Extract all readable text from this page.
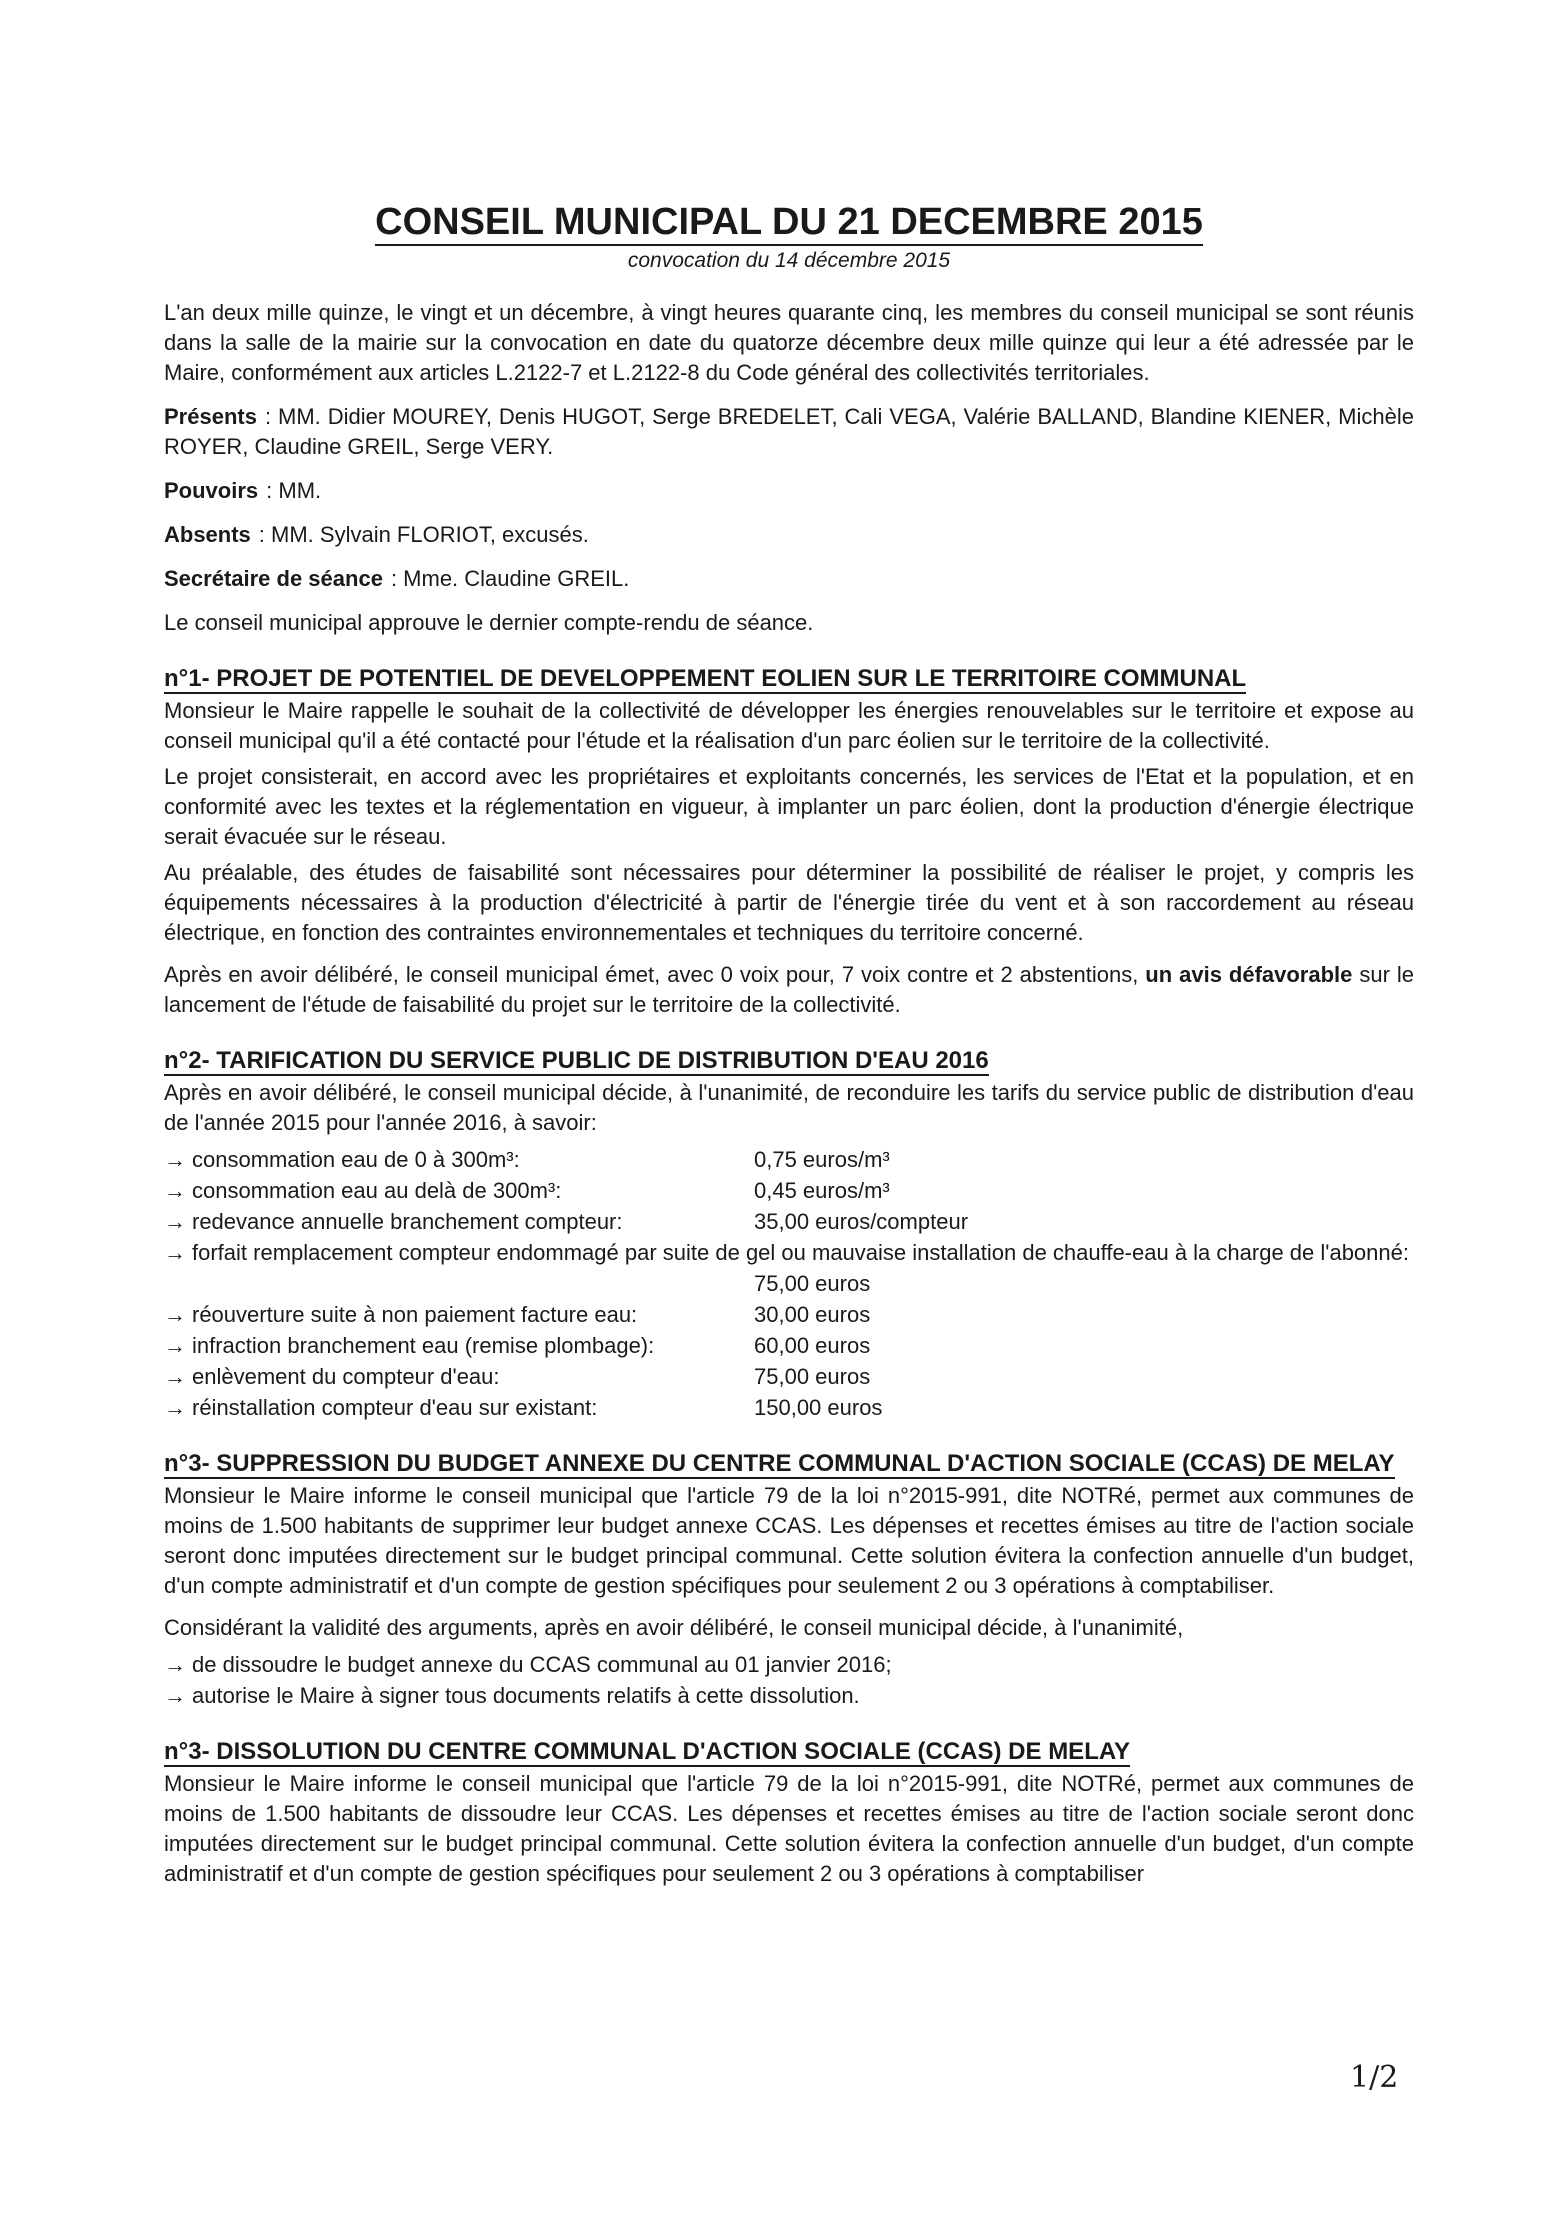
CONSEIL MUNICIPAL DU 21 DECEMBRE 2015
convocation du 14 décembre 2015

L'an deux mille quinze, le vingt et un décembre, à vingt heures quarante cinq, les membres du conseil municipal se sont réunis dans la salle de la mairie sur la convocation en date du quatorze décembre deux mille quinze qui leur a été adressée par le Maire, conformément aux articles L.2122-7 et L.2122-8 du Code général des collectivités territoriales.

Présents : MM. Didier MOUREY, Denis HUGOT, Serge BREDELET, Cali VEGA, Valérie BALLAND, Blandine KIENER, Michèle ROYER, Claudine GREIL, Serge VERY.

Pouvoirs : MM.

Absents : MM. Sylvain FLORIOT, excusés.

Secrétaire de séance : Mme. Claudine GREIL.

Le conseil municipal approuve le dernier compte-rendu de séance.

n°1- PROJET DE POTENTIEL DE DEVELOPPEMENT EOLIEN SUR LE TERRITOIRE COMMUNAL

Monsieur le Maire rappelle le souhait de la collectivité de développer les énergies renouvelables sur le territoire et expose au conseil municipal qu'il a été contacté pour l'étude et la réalisation d'un parc éolien sur le territoire de la collectivité.

Le projet consisterait, en accord avec les propriétaires et exploitants concernés, les services de l'Etat et la population, et en conformité avec les textes et la réglementation en vigueur, à implanter un parc éolien, dont la production d'énergie électrique serait évacuée sur le réseau.

Au préalable, des études de faisabilité sont nécessaires pour déterminer la possibilité de réaliser le projet, y compris les équipements nécessaires à la production d'électricité à partir de l'énergie tirée du vent et à son raccordement au réseau électrique, en fonction des contraintes environnementales et techniques du territoire concerné.

Après en avoir délibéré, le conseil municipal émet, avec 0 voix pour, 7 voix contre et 2 abstentions, un avis défavorable sur le lancement de l'étude de faisabilité du projet sur le territoire de la collectivité.

n°2- TARIFICATION DU SERVICE PUBLIC DE DISTRIBUTION D'EAU 2016

Après en avoir délibéré, le conseil municipal décide, à l'unanimité, de reconduire les tarifs du service public de distribution d'eau de l'année 2015 pour l'année 2016, à savoir:

→ consommation eau de 0 à 300m³:	0,75 euros/m³
→ consommation eau au delà de 300m³:	0,45 euros/m³
→ redevance annuelle branchement compteur:	35,00 euros/compteur
→ forfait remplacement compteur endommagé par suite de gel ou mauvaise installation de chauffe-eau à la charge de l'abonné:
75,00 euros
→ réouverture suite à non paiement facture eau:	30,00 euros
→ infraction branchement eau (remise plombage):	60,00 euros
→ enlèvement du compteur d'eau:	75,00 euros
→ réinstallation compteur d'eau sur existant:	150,00 euros
n°3- SUPPRESSION DU BUDGET ANNEXE DU CENTRE COMMUNAL D'ACTION SOCIALE (CCAS) DE MELAY

Monsieur le Maire informe le conseil municipal que l'article 79 de la loi n°2015-991, dite NOTRé, permet aux communes de moins de 1.500 habitants de supprimer leur budget annexe CCAS. Les dépenses et recettes émises au titre de l'action sociale seront donc imputées directement sur le budget principal communal. Cette solution évitera la confection annuelle d'un budget, d'un compte administratif et d'un compte de gestion spécifiques pour seulement 2 ou 3 opérations à comptabiliser.

Considérant la validité des arguments, après en avoir délibéré, le conseil municipal décide, à l'unanimité,

→ de dissoudre le budget annexe du CCAS communal au 01 janvier 2016;
→ autorise le Maire à signer tous documents relatifs à cette dissolution.
n°3- DISSOLUTION DU CENTRE COMMUNAL D'ACTION SOCIALE (CCAS) DE MELAY

Monsieur le Maire informe le conseil municipal que l'article 79 de la loi n°2015-991, dite NOTRé, permet aux communes de moins de 1.500 habitants de dissoudre leur CCAS. Les dépenses et recettes émises au titre de l'action sociale seront donc imputées directement sur le budget principal communal. Cette solution évitera la confection annuelle d'un budget, d'un compte administratif et d'un compte de gestion spécifiques pour seulement 2 ou 3 opérations à comptabiliser

1/2
